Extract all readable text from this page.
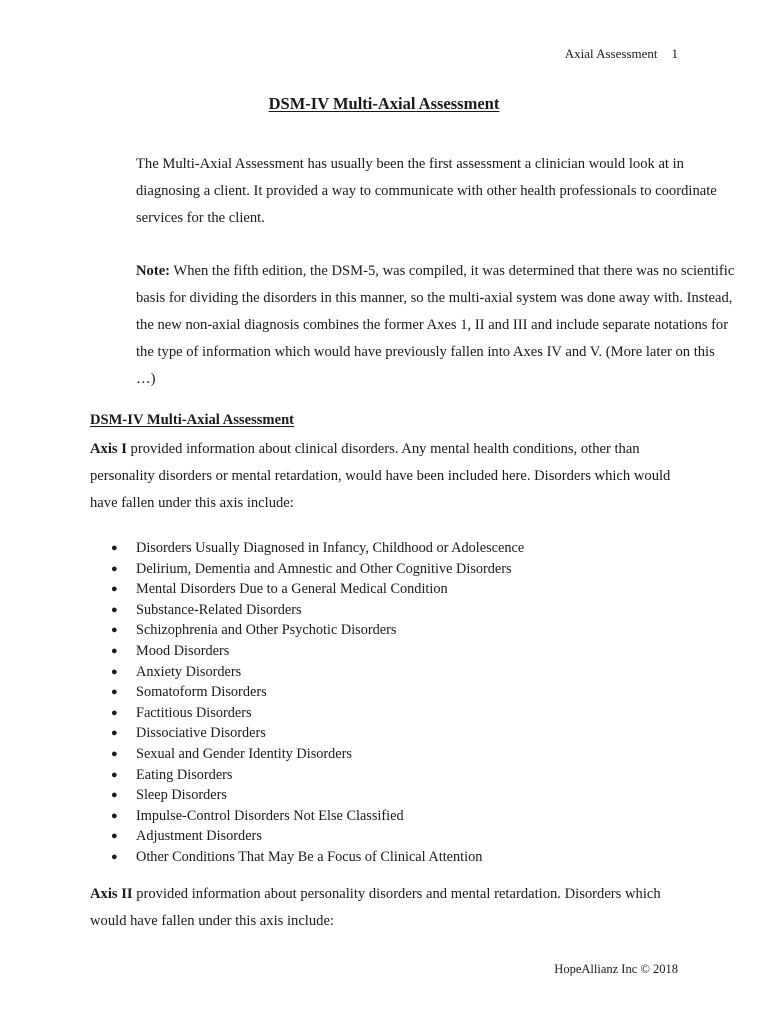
Axial Assessment 1
DSM-IV Multi-Axial Assessment

The Multi-Axial Assessment has usually been the first assessment a clinician would look at in diagnosing a client. It provided a way to communicate with other health professionals to coordinate services for the client.

Note: When the fifth edition, the DSM-5, was compiled, it was determined that there was no scientific basis for dividing the disorders in this manner, so the multi-axial system was done away with. Instead, the new non-axial diagnosis combines the former Axes 1, II and III and include separate notations for the type of information which would have previously fallen into Axes IV and V. (More later on this …)

DSM-IV Multi-Axial Assessment

Axis I provided information about clinical disorders. Any mental health conditions, other than personality disorders or mental retardation, would have been included here. Disorders which would have fallen under this axis include:

● Disorders Usually Diagnosed in Infancy, Childhood or Adolescence
● Delirium, Dementia and Amnestic and Other Cognitive Disorders
● Mental Disorders Due to a General Medical Condition
● Substance-Related Disorders
● Schizophrenia and Other Psychotic Disorders
● Mood Disorders
● Anxiety Disorders
● Somatoform Disorders
● Factitious Disorders
● Dissociative Disorders
● Sexual and Gender Identity Disorders
● Eating Disorders
● Sleep Disorders
● Impulse-Control Disorders Not Else Classified
● Adjustment Disorders
● Other Conditions That May Be a Focus of Clinical Attention

Axis II provided information about personality disorders and mental retardation. Disorders which would have fallen under this axis include:

HopeAllianz Inc © 2018
